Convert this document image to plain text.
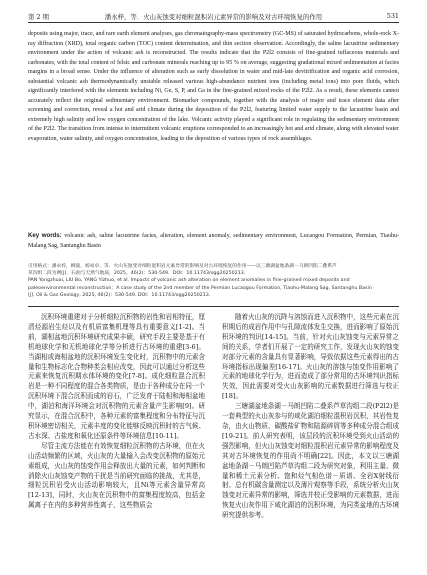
第 2 期	潘永梓，等．火山灰蚀变对细粒混积岩元素异常的影响及对古环境恢复的作用	531

deposits using major, trace, and rare earth element analyses, gas chromatography-mass spectrometry (GC-MS) of saturated hydrocarbons, whole-rock X-ray diffraction (XRD), total organic carbon (TOC) content determination, and thin section observation. Accordingly, the saline lacustrine sedimentary environment under the action of volcanic ash is reconstructed. The results indicate that the P2l2 consists of fine-grained tuffaceous materials and carbonates, with the total content of felsic and carbonate minerals reaching up to 95 % on average, suggesting gradational mixed sedimentation at facies margins in a broad sense. Under the influence of alteration such as early dissolution in water and mid-late devitrification and organic acid corrosion, substantial volcanic ash thermodynamically unstable released various high-abundance nutrient ions (including metal ions) into pore fluids, which significantly interfered with the elements including Ni, Ge, S, P, and Ga in the fine-grained mixed rocks of the P2l2. As a result, these elements cannot accurately reflect the original sedimentary environment. Biomarker compounds, together with the analysis of major and trace element data after screening and correction, reveal a hot and arid climate during the deposition of the P2l2, featuring limited water supply to the lacustrine basin and extremely high salinity and low oxygen concentration of the lake. Volcanic activity played a significant role in regulating the sedimentary environment of the P2l2. The transition from intense to intermittent volcanic eruptions corresponded to an increasingly hot and arid climate, along with elevated water evaporation, water salinity, and oxygen concentration, leading to the deposition of various types of rock assemblages.

Key words: volcanic ash, saline lacustrine facies, alteration, element anomaly, sedimentary environment, Lucaogou Formation, Permian, Tiaohu-Malang Sag, Santanghu Basin
引用格式：潘永梓，柳波，杨易卓，等．火山灰蚀变对细粒混积岩元素异常的影响及对古环境恢复的作用——以三塘湖盆地条湖－马朗凹陷二叠系芦
草沟组二段为例[J]．石油与天然气地质，2025，46(2)：530-549．DOI：10.11743/ogg20250213.
PAN Yongzhuai, LIU Bo, YANG Yizhuo, et al. Impacts of volcanic ash alteration on element anomalies in fine-grained mixed deposits and
paleoenvironmental reconstruction：A case study of the 2nd member of the Permian Lucaogou Formation, Tiaohu-Malang Sag, Santanghu Basin
[J]. Oil & Gas Geology, 2025, 46(2)：530-549. DOI：10.11743/ogg20250213.

沉积环境重建对于分析细粒沉积物的岩性和岩相特征，厘清烃源岩生烃以及有机质富集机理等具有重要意义[1-2]。当前，湖相盆地沉积环境研究成果丰硕，研究手段主要是基于有机地球化学和无机地球化学等分析进行古环境的重建[3-6]。当湖相或海相盆地的沉积环境发生变化时，沉积物中的元素含量和生物标志化合物种类会相应改变，因此可以通过分析这些元素来恢复沉积期水体环境的变化[7-8]。成化细粒混合沉积岩是一种不同程度的混合各类物质，是由于各种成分在同一个沉积环境下混合沉积而成的岩石，广泛发育于陆相和海相盆地中，湖泊和海洋环境会对沉积物的元素含量产生影响[9]。研究显示，在混合沉积中，各种元素的富集程度和分布特征与沉积环境密切相关，元素丰度的变化能够反映沉积时的古气候、古水深、古盐度和氧化还原条件等环境信息[10-11]。

尽管主流方法能在有效恢复细粒沉积物的古环境，但在火山活动频繁的区域，火山灰的大量输入会改变沉积物的原始元素组成，火山灰的蚀变作用会释放出大量的元素，如何判断和消除火山灰蚀变产物的干扰是当前研究面临的挑战，尤其是，细粒沉积岩受火山活动影响较大，且Ni等元素含量异常高[12-13]，同时，火山灰在沉积物中的富集程度较高，包括金属离子在内的多种营养性离子，这些物质会

随着火山灰的沉降与溶蚀而进入沉积物中，这些元素在沉积期后的成岩作用中与孔隙流体发生交换，进而影响了原始沉积环境的判识[14-15]。当前，针对火山灰蚀变与元素异常之间的关系，学者们开展了一定的研究工作，发现火山灰的蚀变对部分元素的含量具有显著影响，导致依据这些元素得出的古环境指标出现偏差[16-17]。火山灰的溶蚀与蚀变作用影响了元素的地球化学行为，进而造成了部分常用的古环境判识指标失效，因此需要对受火山灰影响的元素数据进行筛选与校正[18]。

三塘湖盆地条湖－马朗凹陷二叠系芦草沟组二段(P2l2)是一套典型的火山灰参与的咸化湖泊细粒混积岩沉积，其岩性复杂，由火山物质、碳酸盐矿物和陆源碎屑等多种成分混合组成[19-21]。前人研究表明，该层段的沉积环境受到火山活动的强烈影响，但火山灰蚀变对细粒混积岩元素异常的影响程度及其对古环境恢复的作用尚不明确[22]。因此，本文以三塘湖盆地条湖－马朗凹陷芦草沟组二段为研究对象，利用主量、微量和稀土元素分析、饱和烃气相色谱－质谱、全岩X射线衍射、总有机碳含量测定以及薄片观察等手段，系统分析火山灰蚀变对元素异常的影响，筛选并校正受影响的元素数据，进而恢复火山灰作用下咸化湖泊的沉积环境，为同类盆地的古环境研究提供参考。
